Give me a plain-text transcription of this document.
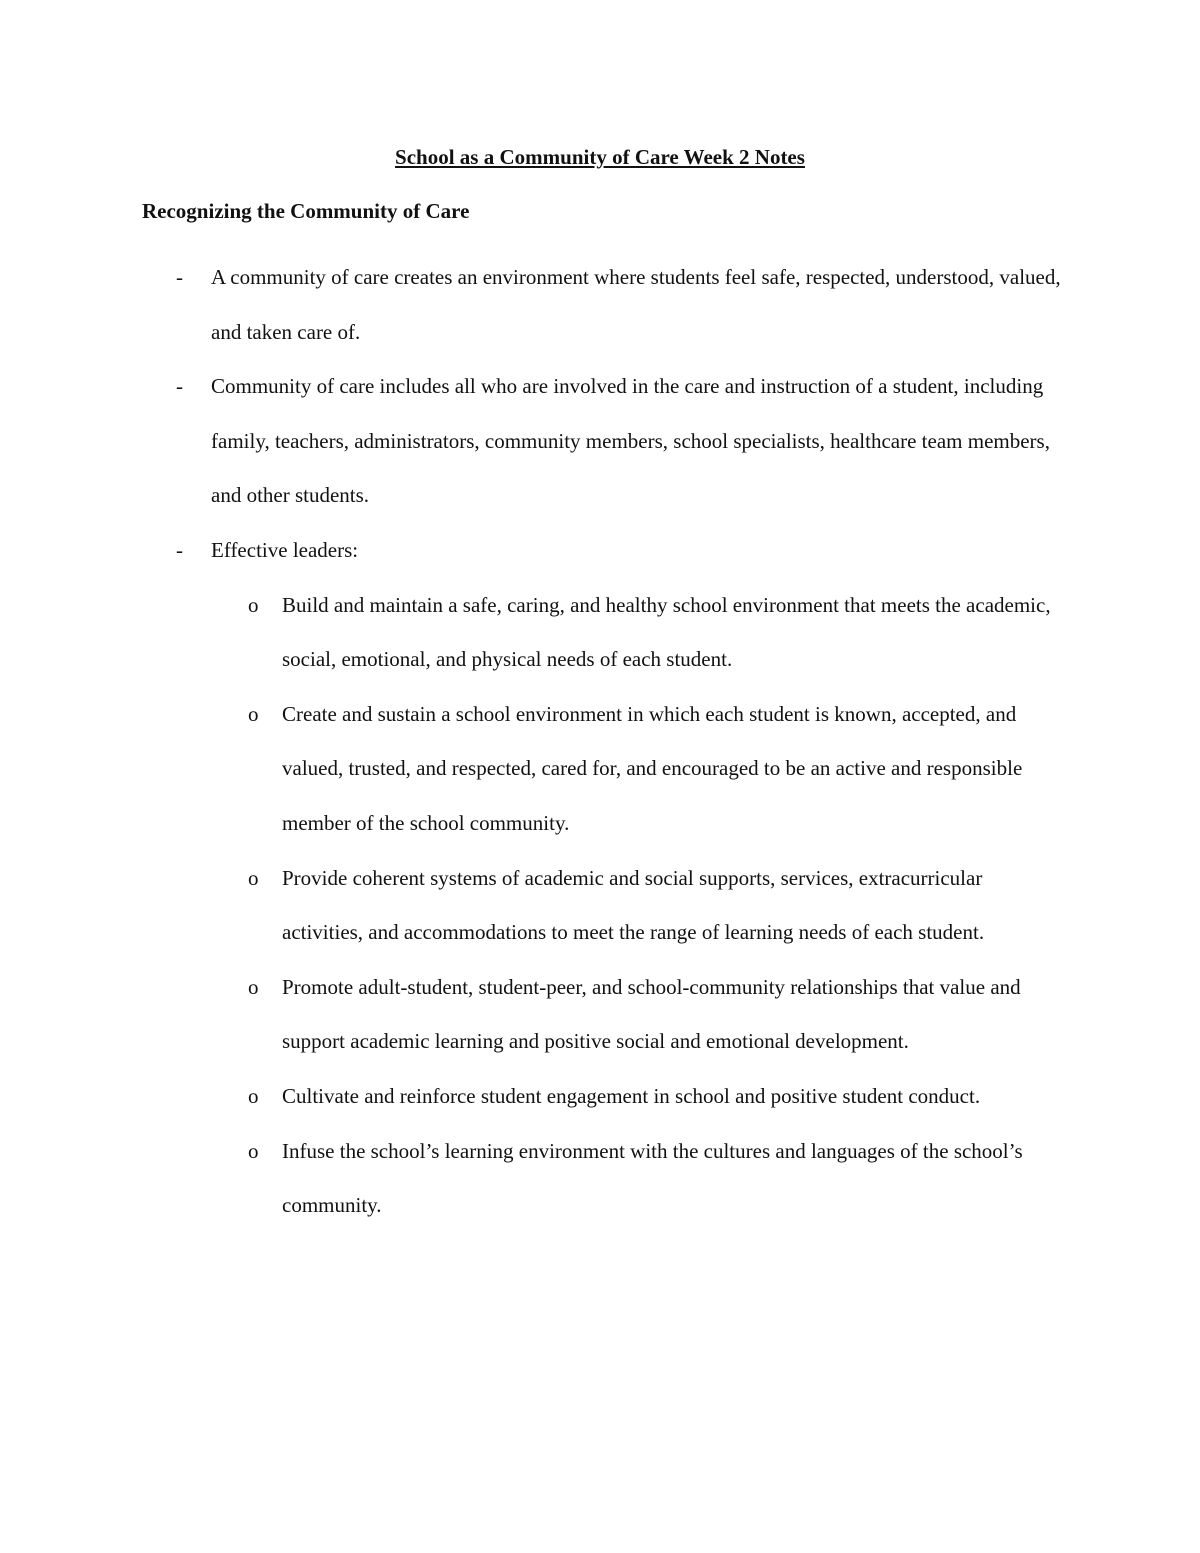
School as a Community of Care Week 2 Notes
Recognizing the Community of Care
- A community of care creates an environment where students feel safe, respected, understood, valued, and taken care of.
- Community of care includes all who are involved in the care and instruction of a student, including family, teachers, administrators, community members, school specialists, healthcare team members, and other students.
- Effective leaders:
o Build and maintain a safe, caring, and healthy school environment that meets the academic, social, emotional, and physical needs of each student.
o Create and sustain a school environment in which each student is known, accepted, and valued, trusted, and respected, cared for, and encouraged to be an active and responsible member of the school community.
o Provide coherent systems of academic and social supports, services, extracurricular activities, and accommodations to meet the range of learning needs of each student.
o Promote adult-student, student-peer, and school-community relationships that value and support academic learning and positive social and emotional development.
o Cultivate and reinforce student engagement in school and positive student conduct.
o Infuse the school’s learning environment with the cultures and languages of the school’s community.
